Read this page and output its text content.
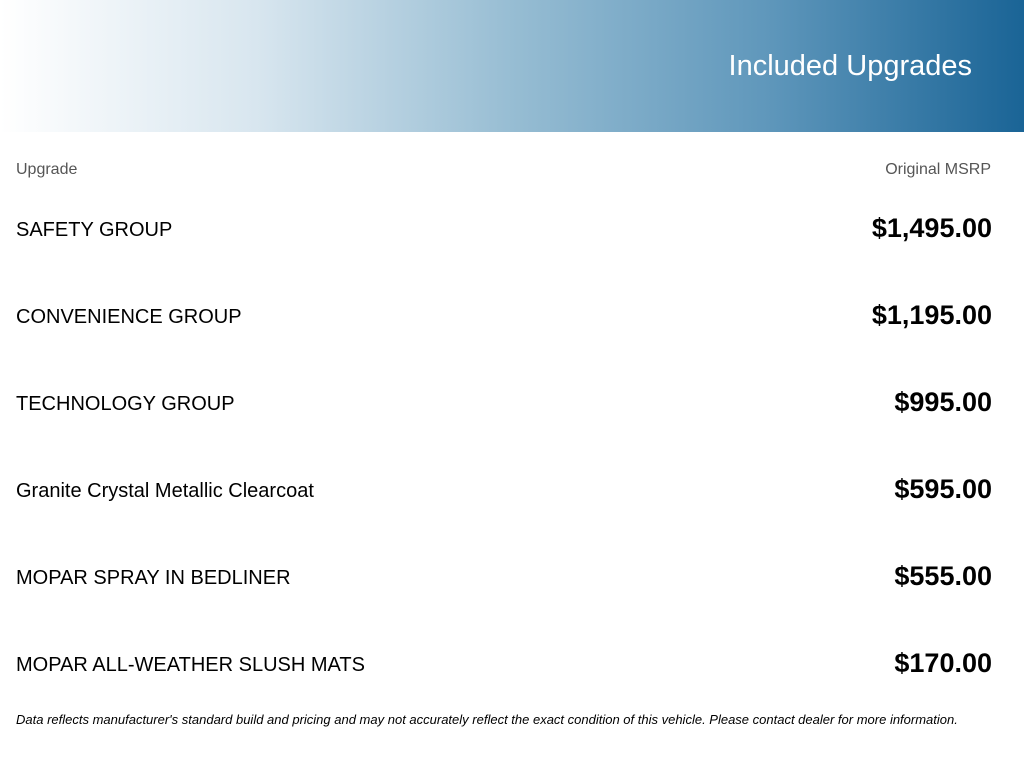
Included Upgrades
Upgrade	Original MSRP
SAFETY GROUP	$1,495.00
CONVENIENCE GROUP	$1,195.00
TECHNOLOGY GROUP	$995.00
Granite Crystal Metallic Clearcoat	$595.00
MOPAR SPRAY IN BEDLINER	$555.00
MOPAR ALL-WEATHER SLUSH MATS	$170.00
Data reflects manufacturer's standard build and pricing and may not accurately reflect the exact condition of this vehicle. Please contact dealer for more information.
